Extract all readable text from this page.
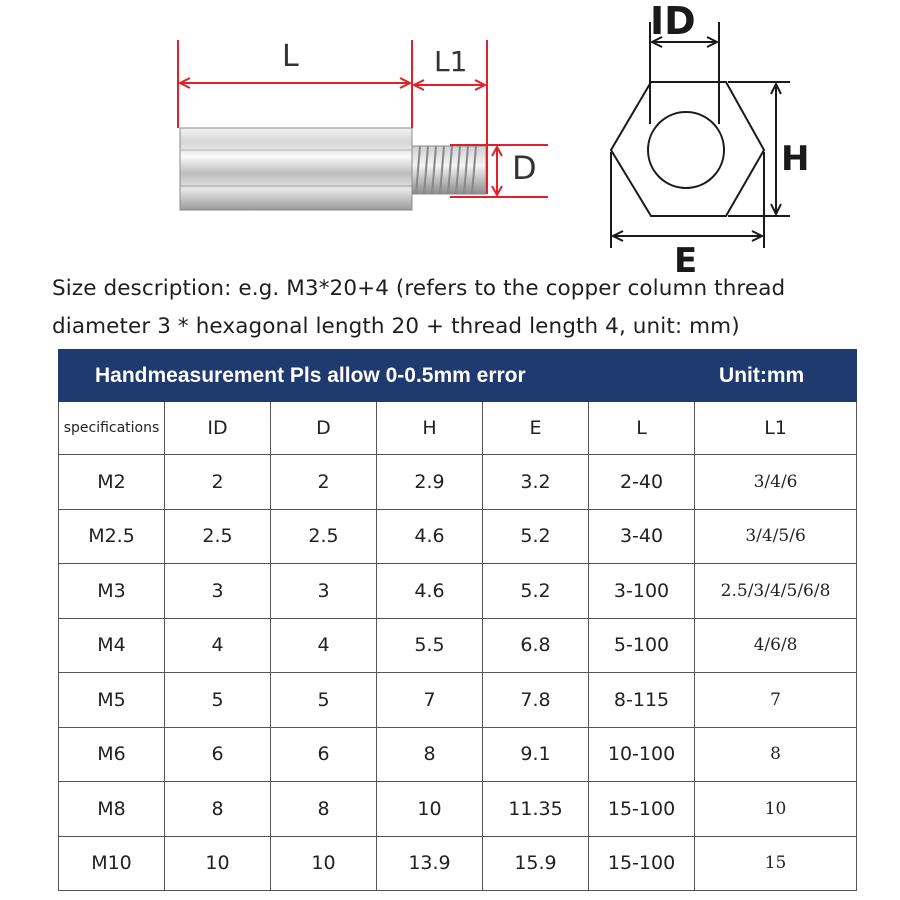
L	L1
D
ID
H
E
Size description: e.g. M3*20+4 (refers to the copper column thread
diameter 3 * hexagonal length 20 + thread length 4, unit: mm)
Handmeasurement Pls allow 0-0.5mm error						Unit:mm
specifications	ID	D	H	E	L	L1
M2	2	2	2.9	3.2	2-40	3/4/6
M2.5	2.5	2.5	4.6	5.2	3-40	3/4/5/6
M3	3	3	4.6	5.2	3-100	2.5/3/4/5/6/8
M4	4	4	5.5	6.8	5-100	4/6/8
M5	5	5	7	7.8	8-115	7
M6	6	6	8	9.1	10-100	8
M8	8	8	10	11.35	15-100	10
M10	10	10	13.9	15.9	15-100	15
